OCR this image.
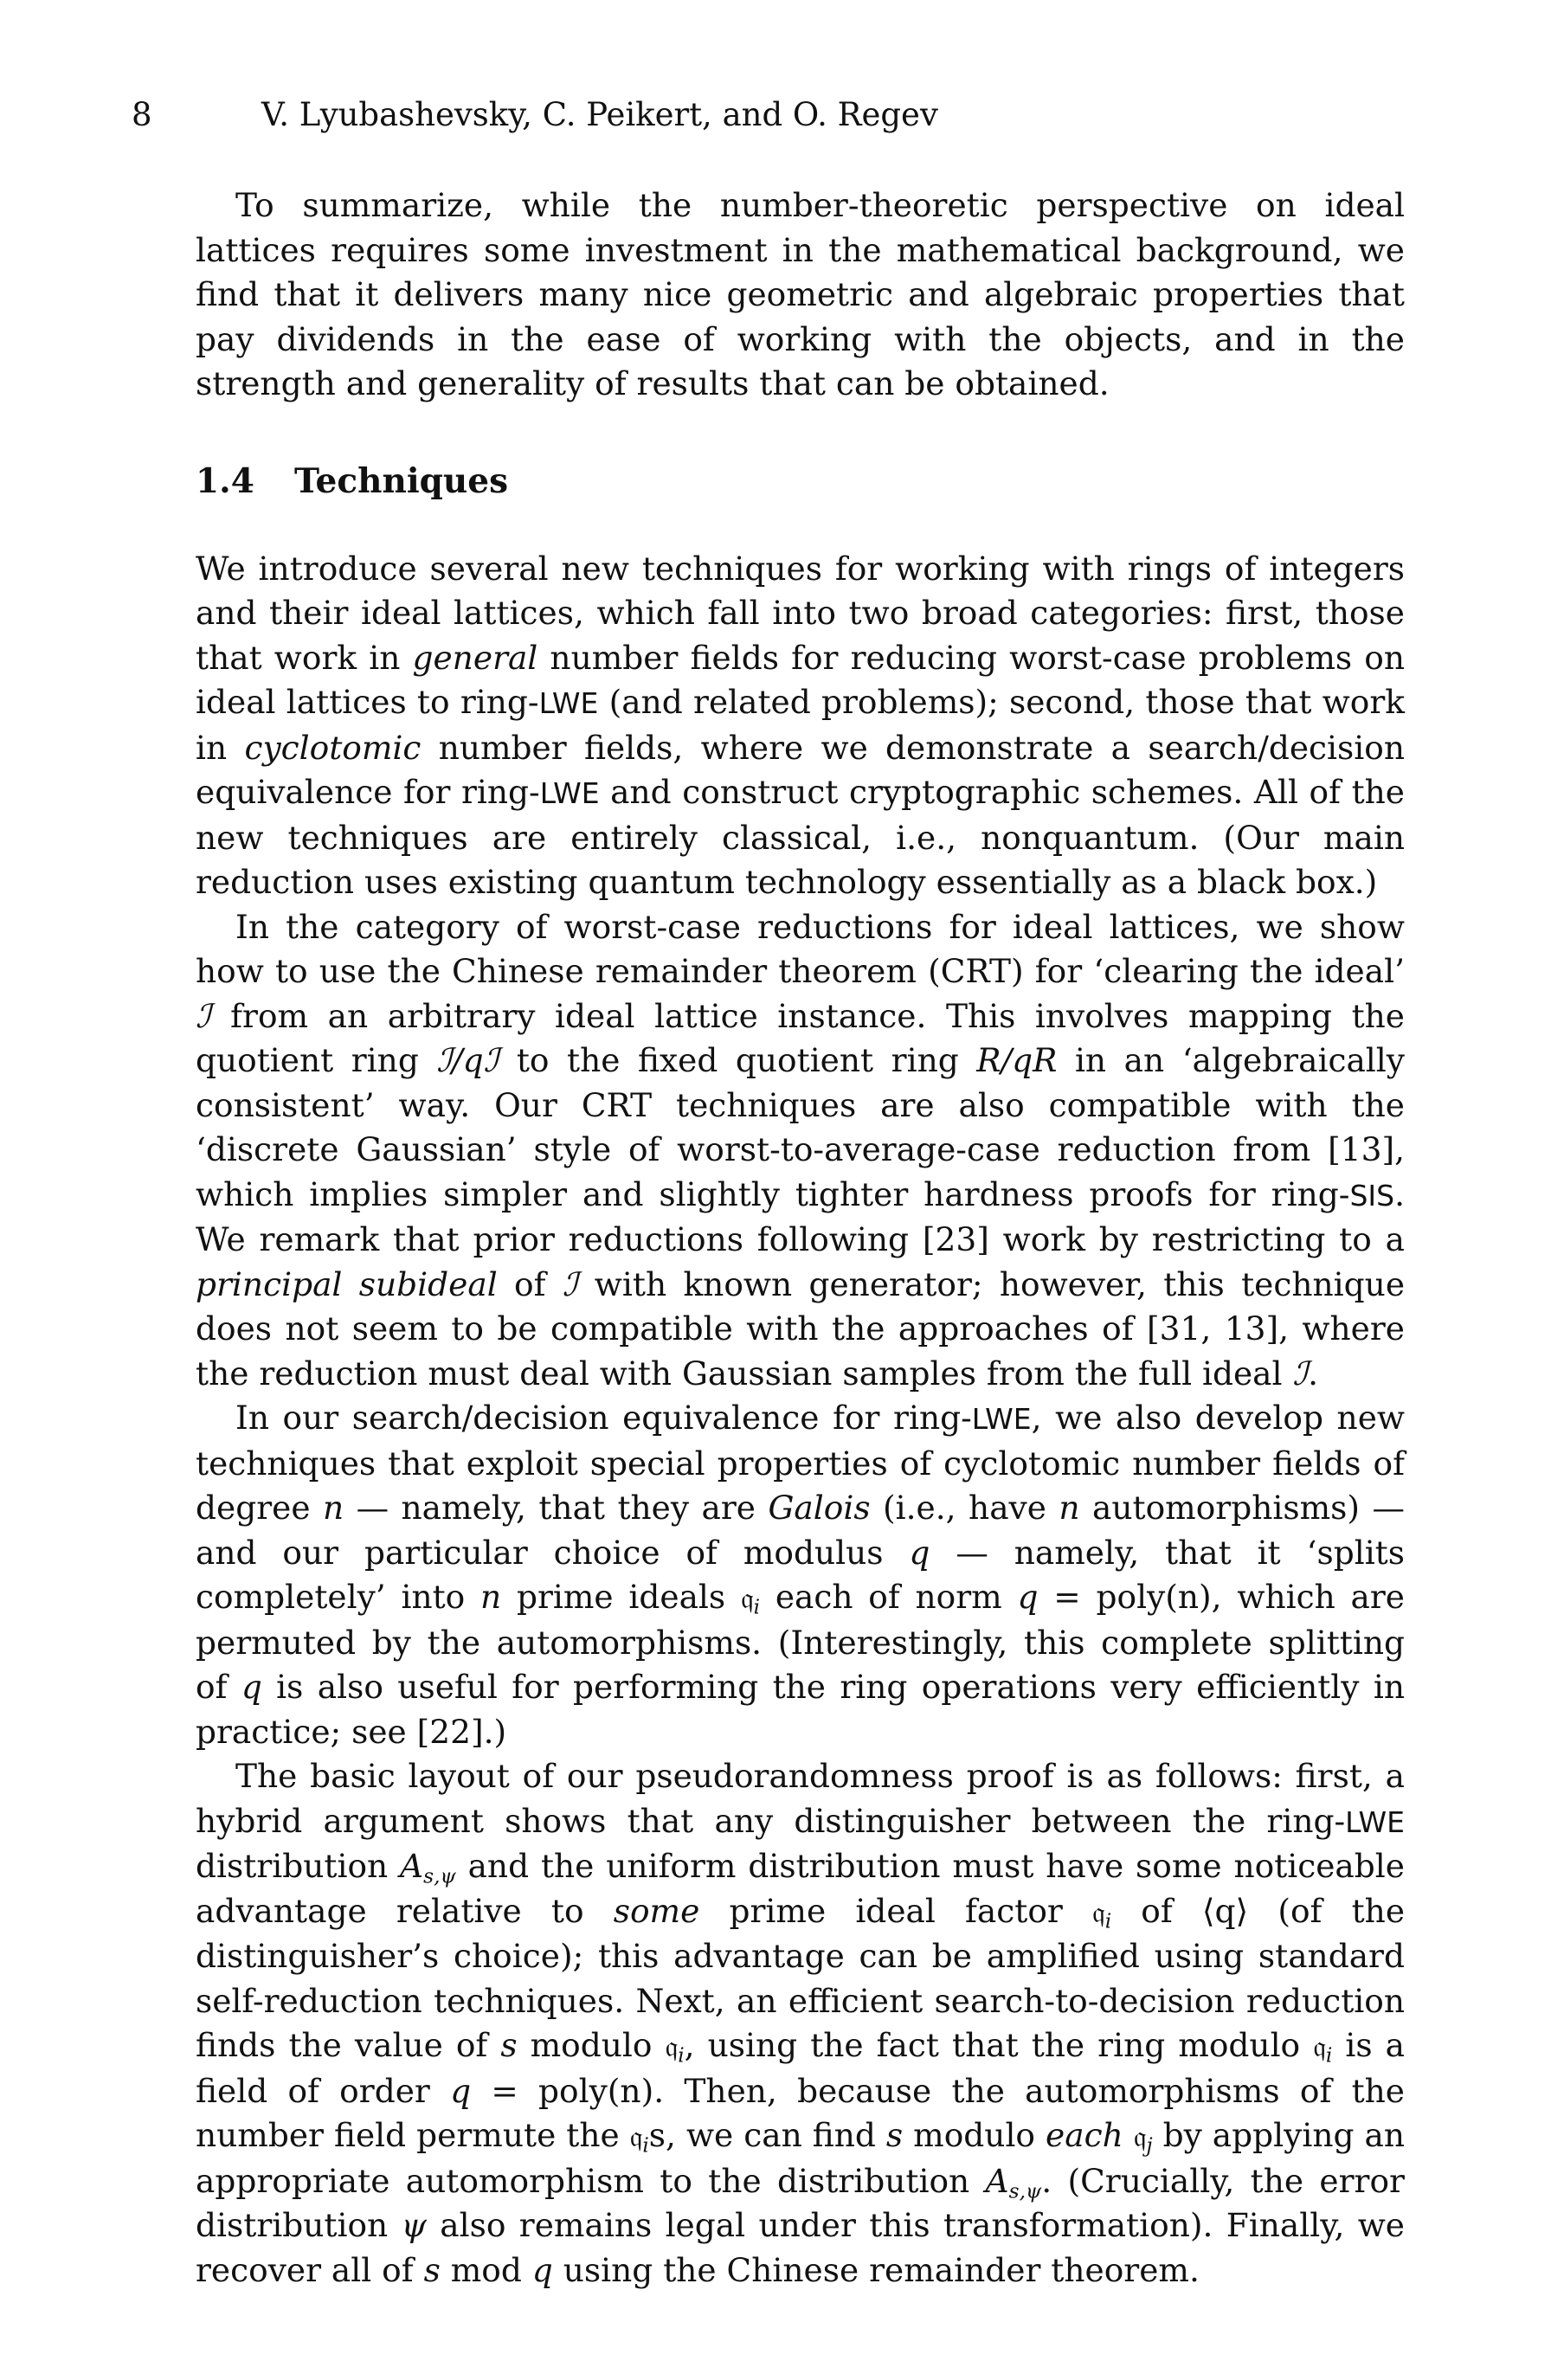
8	V. Lyubashevsky, C. Peikert, and O. Regev

To summarize, while the number-theoretic perspective on ideal lattices requires some investment in the mathematical background, we find that it delivers many nice geometric and algebraic properties that pay dividends in the ease of working with the objects, and in the strength and generality of results that can be obtained.

1.4 Techniques

We introduce several new techniques for working with rings of integers and their ideal lattices, which fall into two broad categories: first, those that work in general number fields for reducing worst-case problems on ideal lattices to ring-LWE (and related problems); second, those that work in cyclotomic number fields, where we demonstrate a search/decision equivalence for ring-LWE and construct cryptographic schemes. All of the new techniques are entirely classical, i.e., nonquantum. (Our main reduction uses existing quantum technology essentially as a black box.)

In the category of worst-case reductions for ideal lattices, we show how to use the Chinese remainder theorem (CRT) for ‘clearing the ideal’ ℐ from an arbitrary ideal lattice instance. This involves mapping the quotient ring ℐ/qℐ to the fixed quotient ring R/qR in an ‘algebraically consistent’ way. Our CRT techniques are also compatible with the ‘discrete Gaussian’ style of worst-to-average-case reduction from [13], which implies simpler and slightly tighter hardness proofs for ring-SIS. We remark that prior reductions following [23] work by restricting to a principal subideal of ℐ with known generator; however, this technique does not seem to be compatible with the approaches of [31, 13], where the reduction must deal with Gaussian samples from the full ideal ℐ.

In our search/decision equivalence for ring-LWE, we also develop new techniques that exploit special properties of cyclotomic number fields of degree n — namely, that they are Galois (i.e., have n automorphisms) — and our particular choice of modulus q — namely, that it ‘splits completely’ into n prime ideals 𝔮$_i$ each of norm q = poly(n), which are permuted by the automorphisms. (Interestingly, this complete splitting of q is also useful for performing the ring operations very efficiently in practice; see [22].)

The basic layout of our pseudorandomness proof is as follows: first, a hybrid argument shows that any distinguisher between the ring-LWE distribution $A_{s,\psi}$ and the uniform distribution must have some noticeable advantage relative to some prime ideal factor 𝔮$_i$ of ⟨q⟩ (of the distinguisher’s choice); this advantage can be amplified using standard self-reduction techniques. Next, an efficient search-to-decision reduction finds the value of s modulo 𝔮$_i$, using the fact that the ring modulo 𝔮$_i$ is a field of order q = poly(n). Then, because the automorphisms of the number field permute the 𝔮$_i$s, we can find s modulo each 𝔮$_j$ by applying an appropriate automorphism to the distribution $A_{s,\psi}$. (Crucially, the error distribution ψ also remains legal under this transformation). Finally, we recover all of s mod q using the Chinese remainder theorem.
